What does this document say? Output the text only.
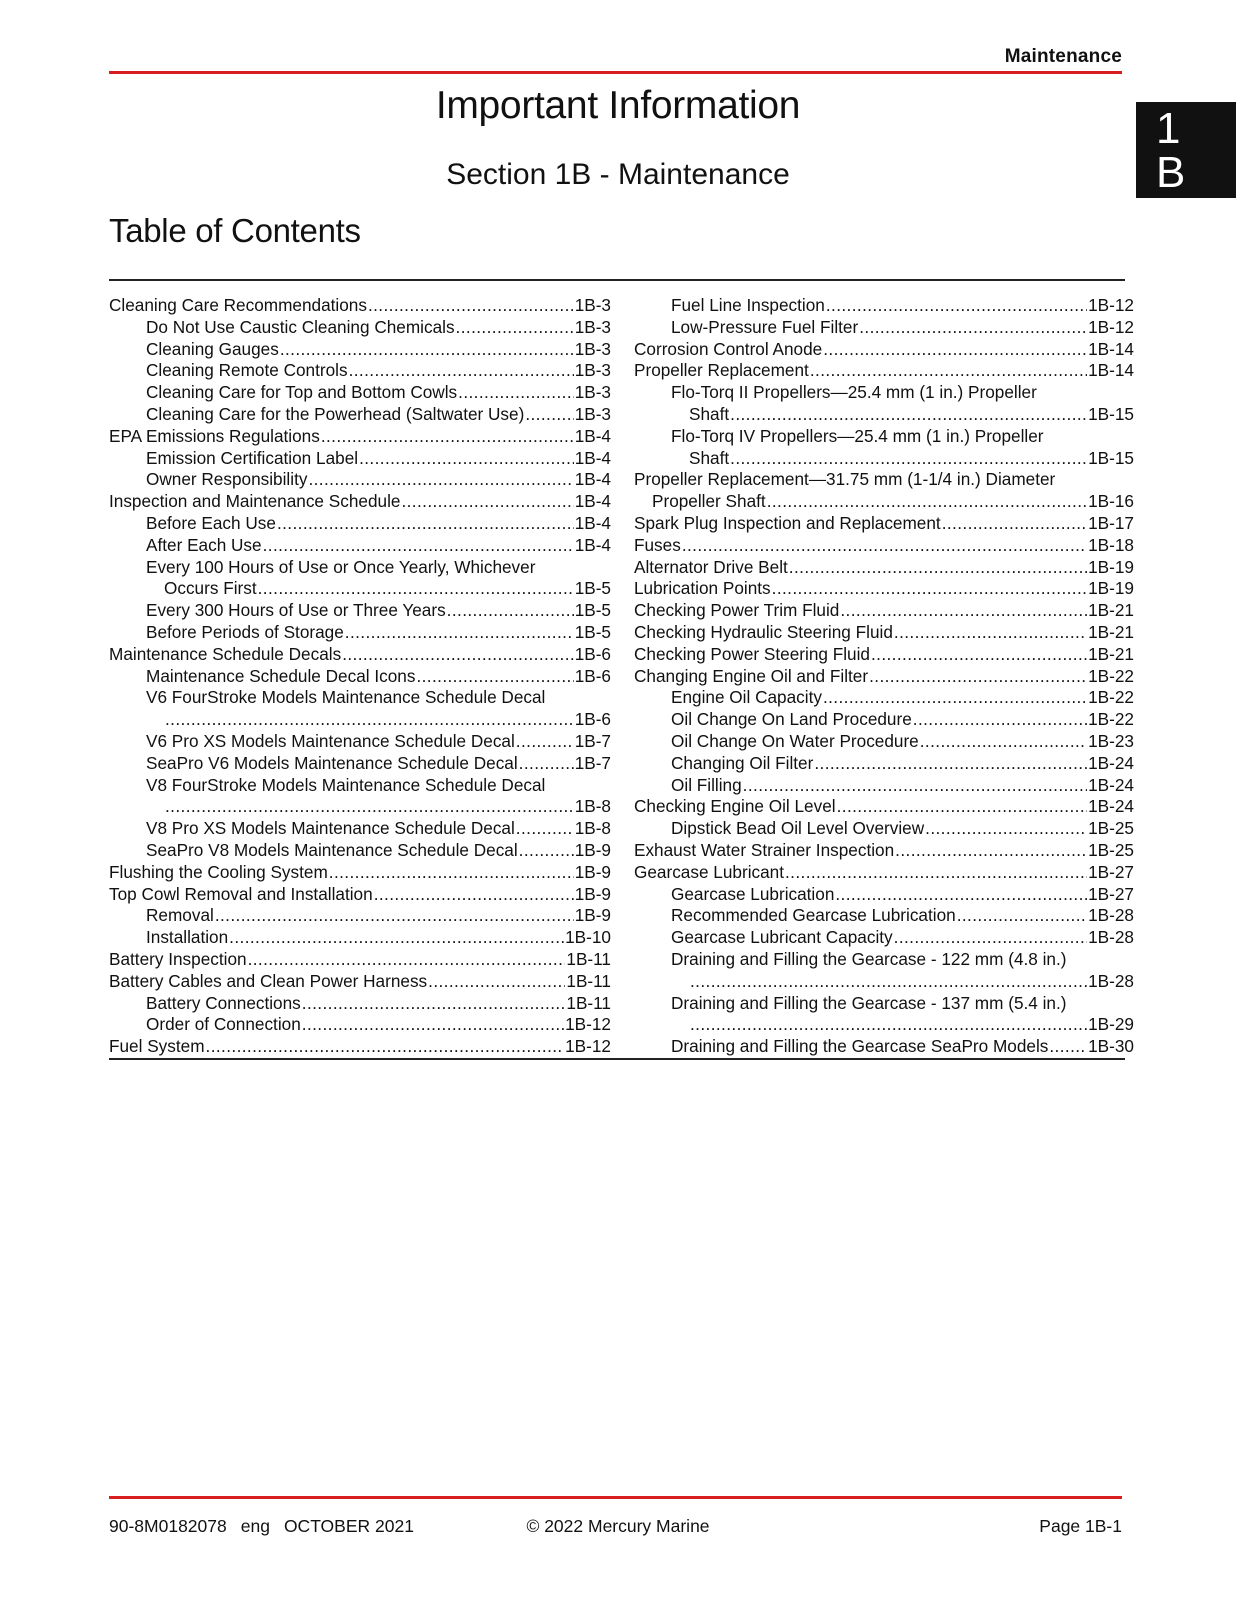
Maintenance
Important Information
Section 1B - Maintenance
Table of Contents
1
B
Cleaning Care Recommendations .....	1B-3
Do Not Use Caustic Cleaning Chemicals .....	1B-3
Cleaning Gauges .....	1B-3
Cleaning Remote Controls .....	1B-3
Cleaning Care for Top and Bottom Cowls .....	1B-3
Cleaning Care for the Powerhead (Saltwater Use) .....	1B-3
EPA Emissions Regulations .....	1B-4
Emission Certification Label .....	1B-4
Owner Responsibility .....	1B-4
Inspection and Maintenance Schedule .....	1B-4
Before Each Use .....	1B-4
After Each Use .....	1B-4
Every 100 Hours of Use or Once Yearly, Whichever
Occurs First .....	1B-5
Every 300 Hours of Use or Three Years .....	1B-5
Before Periods of Storage .....	1B-5
Maintenance Schedule Decals .....	1B-6
Maintenance Schedule Decal Icons .....	1B-6
V6 FourStroke Models Maintenance Schedule Decal
.....
1B-6
V6 Pro XS Models Maintenance Schedule Decal .....	1B-7
SeaPro V6 Models Maintenance Schedule Decal .....	1B-7
V8 FourStroke Models Maintenance Schedule Decal
.....
1B-8
V8 Pro XS Models Maintenance Schedule Decal .....	1B-8
SeaPro V8 Models Maintenance Schedule Decal .....	1B-9
Flushing the Cooling System .....	1B-9
Top Cowl Removal and Installation .....	1B-9
Removal .....	1B-9
Installation .....	1B-10
Battery Inspection .....	1B-11
Battery Cables and Clean Power Harness .....	1B-11
Battery Connections .....	1B-11
Order of Connection .....	1B-12
Fuel System .....	1B-12
Fuel Line Inspection .....	1B-12
Low-Pressure Fuel Filter .....	1B-12
Corrosion Control Anode .....	1B-14
Propeller Replacement .....	1B-14
Flo-Torq II Propellers—25.4 mm (1 in.) Propeller
Shaft .....	1B-15
Flo-Torq IV Propellers—25.4 mm (1 in.) Propeller
Shaft .....	1B-15
Propeller Replacement—31.75 mm (1-1/4 in.) Diameter
Propeller Shaft .....	1B-16
Spark Plug Inspection and Replacement .....	1B-17
Fuses .....	1B-18
Alternator Drive Belt .....	1B-19
Lubrication Points .....	1B-19
Checking Power Trim Fluid .....	1B-21
Checking Hydraulic Steering Fluid .....	1B-21
Checking Power Steering Fluid .....	1B-21
Changing Engine Oil and Filter .....	1B-22
Engine Oil Capacity .....	1B-22
Oil Change On Land Procedure .....	1B-22
Oil Change On Water Procedure .....	1B-23
Changing Oil Filter .....	1B-24
Oil Filling .....	1B-24
Checking Engine Oil Level .....	1B-24
Dipstick Bead Oil Level Overview .....	1B-25
Exhaust Water Strainer Inspection .....	1B-25
Gearcase Lubricant .....	1B-27
Gearcase Lubrication .....	1B-27
Recommended Gearcase Lubrication .....	1B-28
Gearcase Lubricant Capacity .....	1B-28
Draining and Filling the Gearcase - 122 mm (4.8 in.)
.....
1B-28
Draining and Filling the Gearcase - 137 mm (5.4 in.)
.....
1B-29
Draining and Filling the Gearcase SeaPro Models ..... 1B-30
90-8M0182078 eng OCTOBER 2021	© 2022 Mercury Marine	Page 1B-1
